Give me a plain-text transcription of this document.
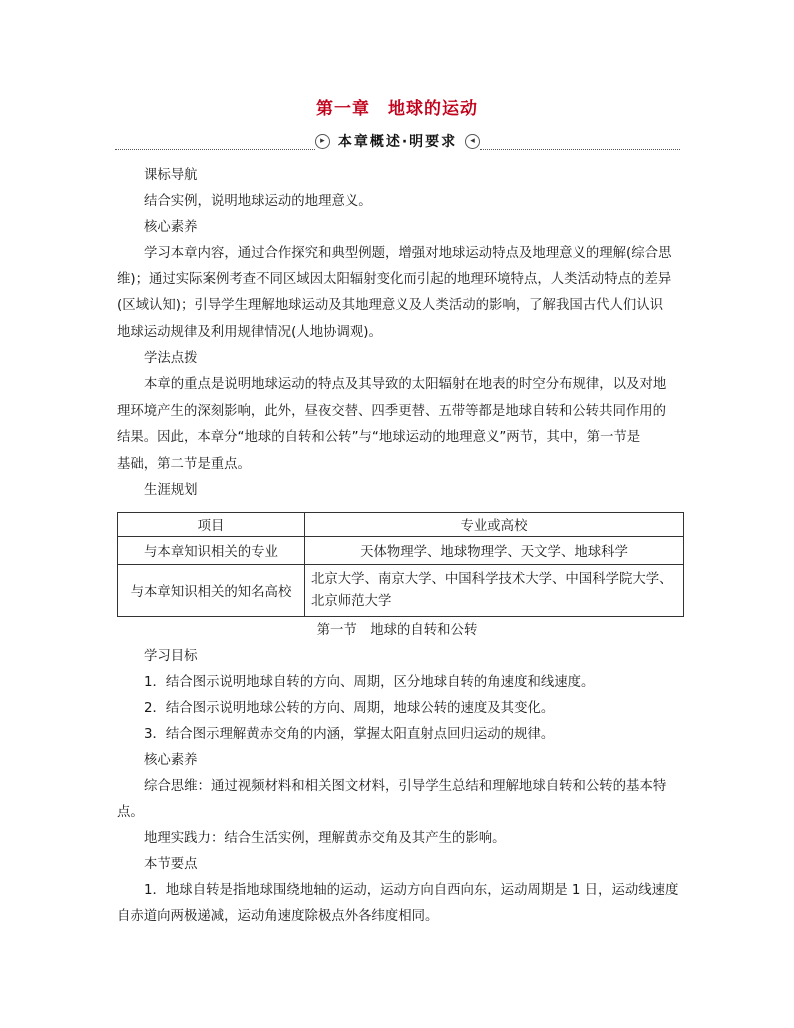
第一章　地球的运动
▸ 本章概述·明要求	◂
课标导航
结合实例，说明地球运动的地理意义。
核心素养
学习本章内容，通过合作探究和典型例题，增强对地球运动特点及地理意义的理解(综合思
维)；通过实际案例考查不同区域因太阳辐射变化而引起的地理环境特点，人类活动特点的差异
(区域认知)；引导学生理解地球运动及其地理意义及人类活动的影响，了解我国古代人们认识
地球运动规律及利用规律情况(人地协调观)。
学法点拨
本章的重点是说明地球运动的特点及其导致的太阳辐射在地表的时空分布规律，以及对地
理环境产生的深刻影响，此外，昼夜交替、四季更替、五带等都是地球自转和公转共同作用的
结果。因此，本章分“地球的自转和公转”与“地球运动的地理意义”两节，其中，第一节是
基础，第二节是重点。
生涯规划
项目	专业或高校
与本章知识相关的专业	天体物理学、地球物理学、天文学、地球科学
与本章知识相关的知名高校	北京大学、南京大学、中国科学技术大学、中国科学院大学、
北京师范大学
第一节　地球的自转和公转
学习目标
1．结合图示说明地球自转的方向、周期，区分地球自转的角速度和线速度。
2．结合图示说明地球公转的方向、周期，地球公转的速度及其变化。
3．结合图示理解黄赤交角的内涵，掌握太阳直射点回归运动的规律。
核心素养
综合思维：通过视频材料和相关图文材料，引导学生总结和理解地球自转和公转的基本特
点。
地理实践力：结合生活实例，理解黄赤交角及其产生的影响。
本节要点
1．地球自转是指地球围绕地轴的运动，运动方向自西向东，运动周期是 1 日，运动线速度
自赤道向两极递减，运动角速度除极点外各纬度相同。
